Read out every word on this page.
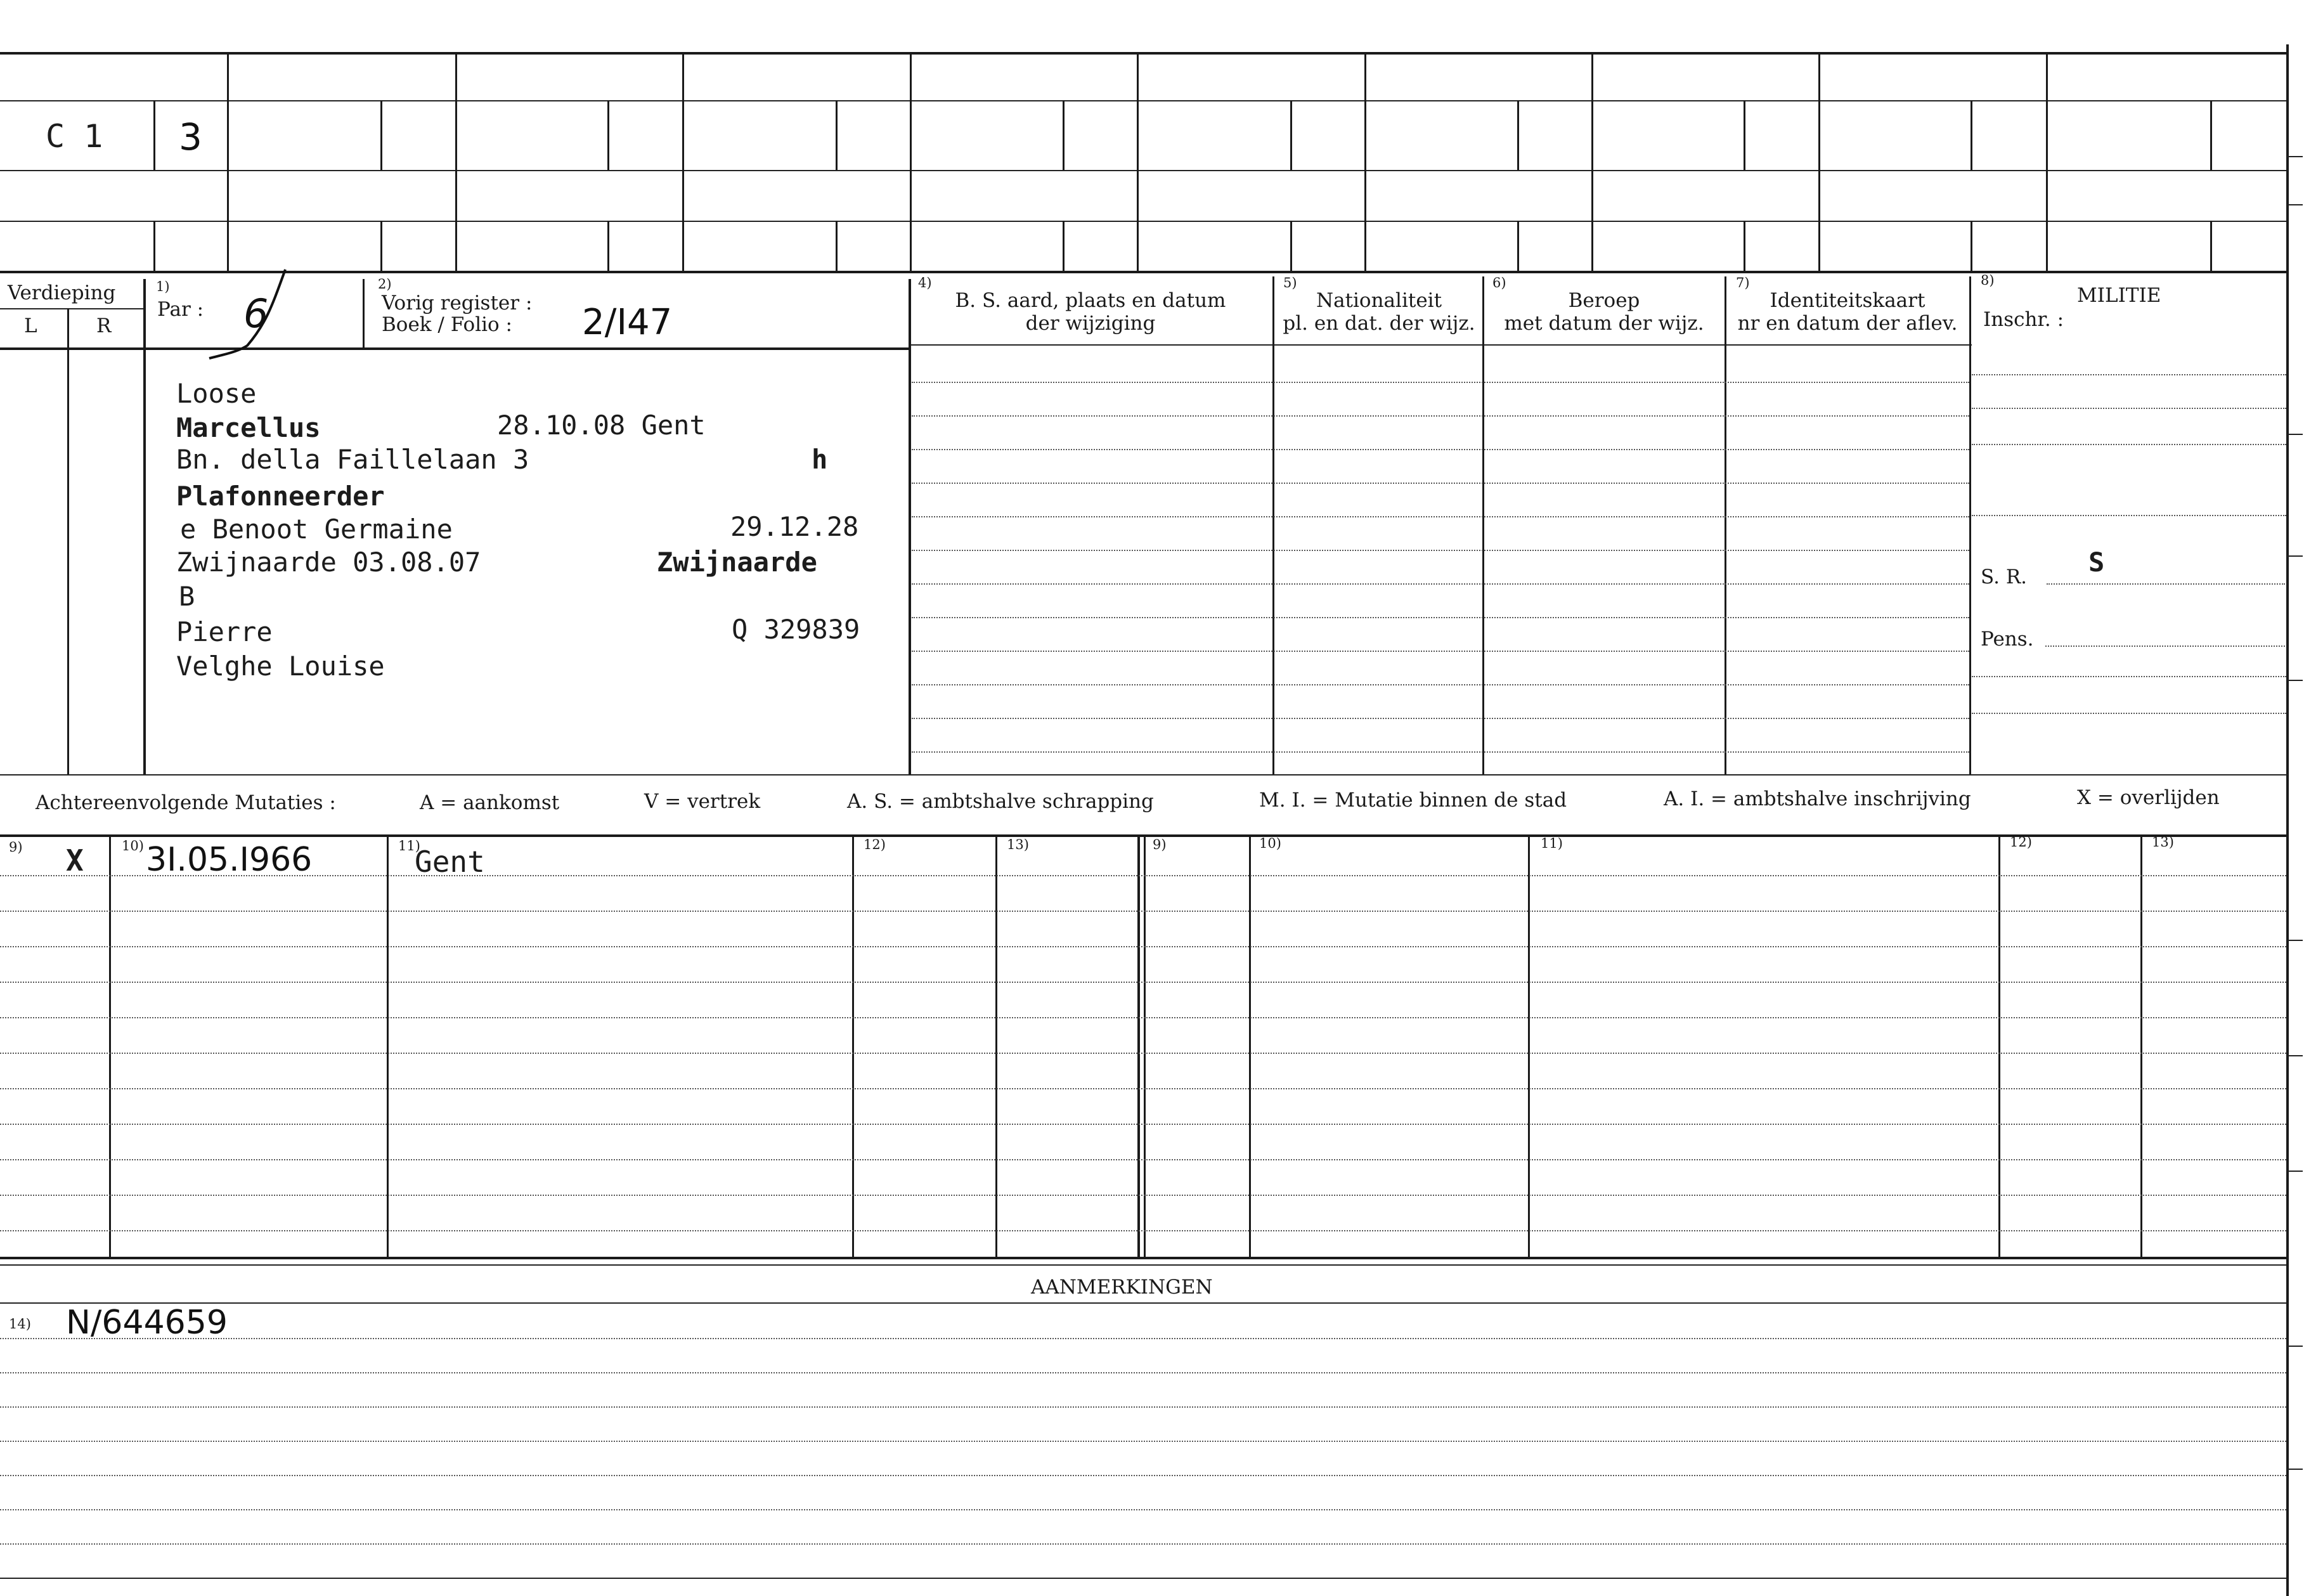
C 1 3
Verdieping
L	R
1)
Par : 6
2)
Vorig register :
Boek / Folio : 2/I47
4)
B. S. aard, plaats en datum
der wijziging
5)
Nationaliteit
pl. en dat. der wijz.
6)
Beroep
met datum der wijz.
7)
Identiteitskaart
nr en datum der aflev.
8)
MILITIE
Inschr. :
Loose
Marcellus	28.10.08 Gent
Bn. della Faillelaan 3	h
Plafonneerder
e Benoot Germaine	29.12.28
Zwijnaarde 03.08.07	Zwijnaarde
B
Pierre	Q 329839
Velghe Louise
S. R. S
Pens.
Achtereenvolgende Mutaties :	A = aankomst	V = vertrek	A. S. = ambtshalve schrapping	M. I. = Mutatie binnen de stad	A. I. = ambtshalve inschrijving	X = overlijden
9)	10)	11)	12)	13)	9)	10)	11)	12)	13)
X 3I.05.I966	Gent
AANMERKINGEN
14) N/644659
